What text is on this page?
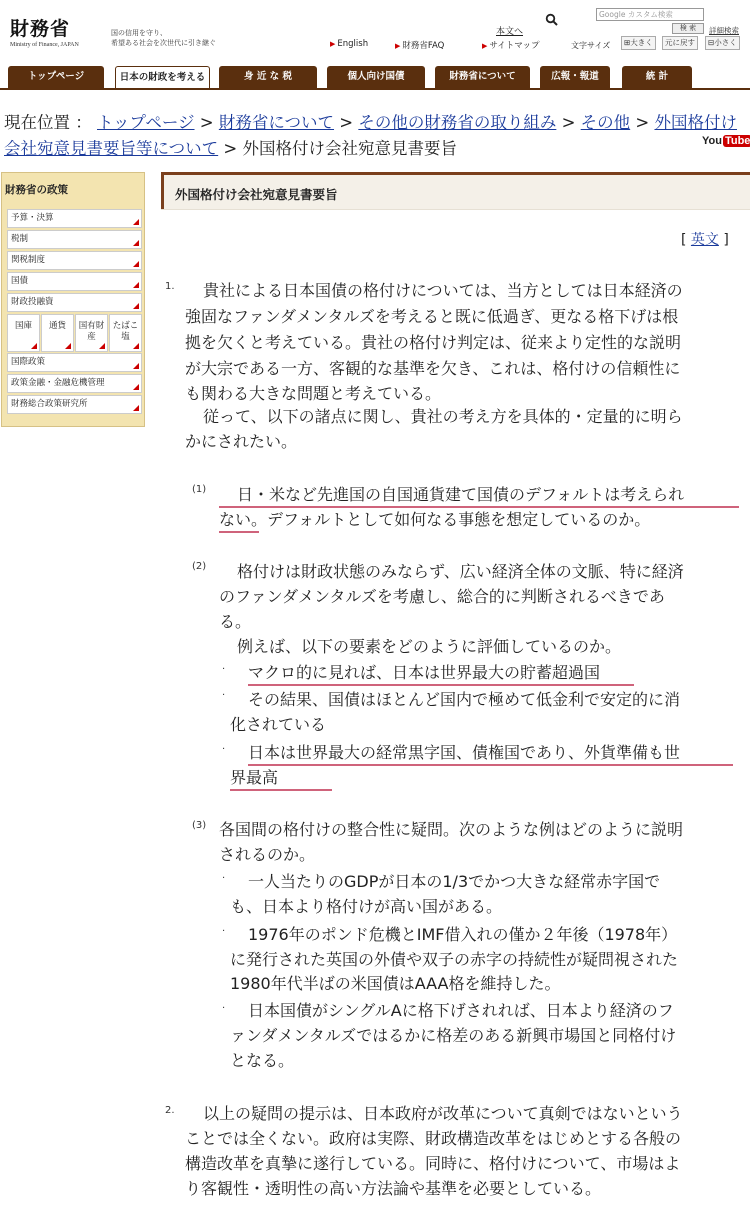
財務省
Ministry of Finance, JAPAN
国の信用を守り、
希望ある社会を次世代に引き継ぐ
本文へ
Google カスタム検索
検 索	詳細検索
▶ English	▶ 財務省FAQ	▶ サイトマップ	文字サイズ	⊞大きく	元に戻す	⊟小さく
トップページ	日本の財政を考える	身 近 な 税	個人向け国債	財務省について	広報・報道	統 計
You Tube
現在位置 ： トップページ > 財務省について > その他の財務省の取り組み > その他 > 外国格付け会社宛意見書要旨等について > 外国格付け会社宛意見書要旨
財務省の政策
予算・決算
税制
関税制度
国債
財政投融資
国庫	通貨	国有財産
たばこ塩
国際政策
政策金融・金融危機管理
財務総合政策研究所
外国格付け会社宛意見書要旨
[ 英文 ]
1. 貴社による日本国債の格付けについては、当方としては日本経済の
強固なファンダメンタルズを考えると既に低過ぎ、更なる格下げは根
拠を欠くと考えている。貴社の格付け判定は、従来より定性的な説明
が大宗である一方、客観的な基準を欠き、これは、格付けの信頼性に
も関わる大きな問題と考えている。
従って、以下の諸点に関し、貴社の考え方を具体的・定量的に明ら
かにされたい。
(1) 日・米など先進国の自国通貨建て国債のデフォルトは考えられ
ない。デフォルトとして如何なる事態を想定しているのか。
(2) 格付けは財政状態のみならず、広い経済全体の文脈、特に経済
のファンダメンタルズを考慮し、総合的に判断されるべきであ
る。
例えば、以下の要素をどのように評価しているのか。
· マクロ的に見れば、日本は世界最大の貯蓄超過国
· その結果、国債はほとんど国内で極めて低金利で安定的に消
化されている
· 日本は世界最大の経常黒字国、債権国であり、外貨準備も世
界最高
(3) 各国間の格付けの整合性に疑問。次のような例はどのように説明
されるのか。
· 一人当たりのGDPが日本の1/3でかつ大きな経常赤字国で
も、日本より格付けが高い国がある。
· 1976年のポンド危機とIMF借入れの僅か２年後（1978年）
に発行された英国の外債や双子の赤字の持続性が疑問視された
1980年代半ばの米国債はAAA格を維持した。
· 日本国債がシングルAに格下げされれば、日本より経済のフ
ァンダメンタルズではるかに格差のある新興市場国と同格付け
となる。
2. 以上の疑問の提示は、日本政府が改革について真剣ではないという
ことでは全くない。政府は実際、財政構造改革をはじめとする各般の
構造改革を真摯に遂行している。同時に、格付けについて、市場はよ
り客観性・透明性の高い方法論や基準を必要としている。
